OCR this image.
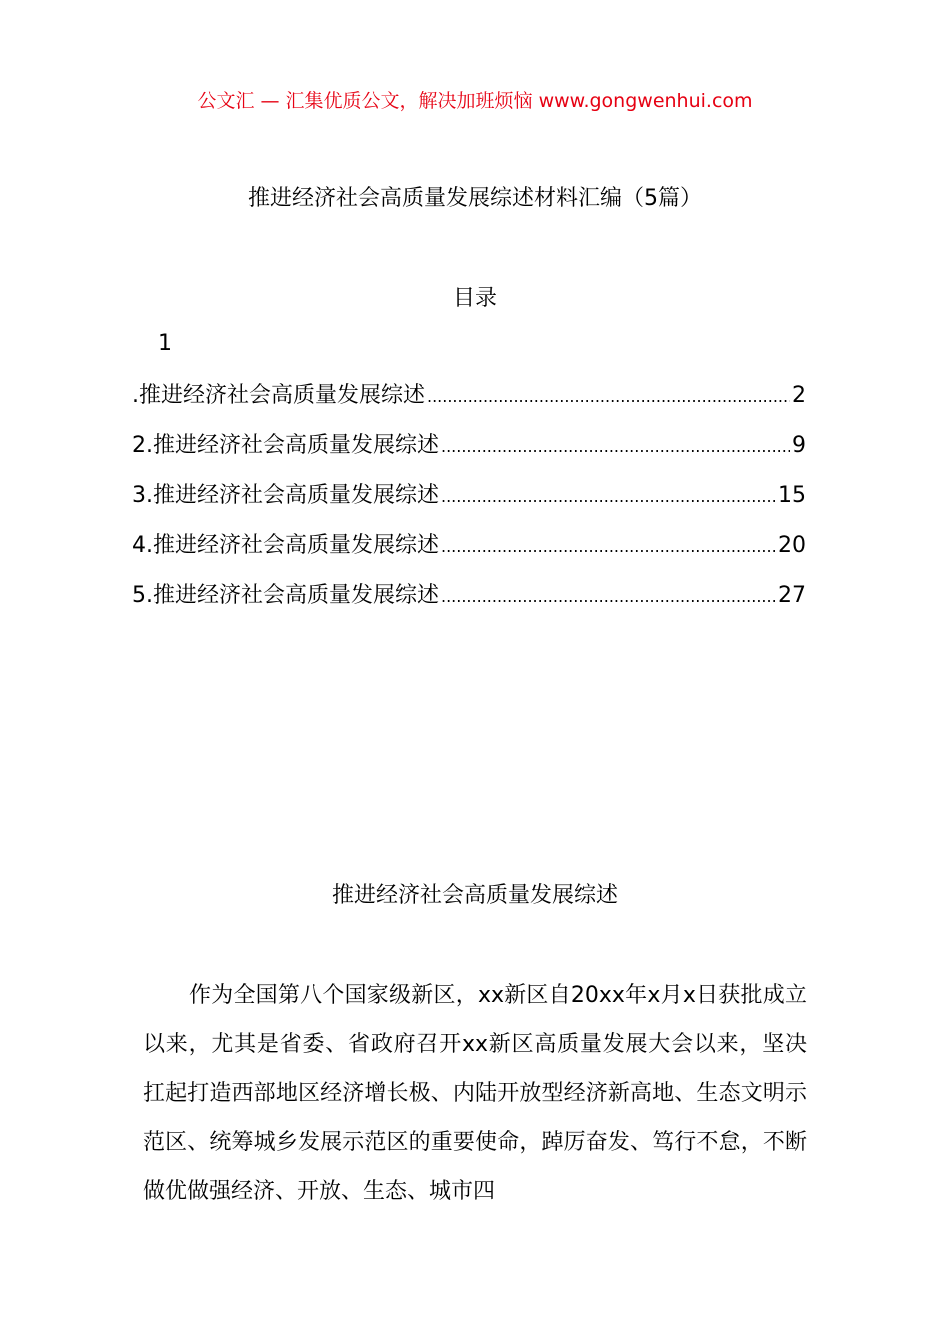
公文汇 — 汇集优质公文，解决加班烦恼 www.gongwenhui.com
推进经济社会高质量发展综述材料汇编（5篇）
目录
1
.推进经济社会高质量发展综述 .....	2
2.推进经济社会高质量发展综述 .....	9
3.推进经济社会高质量发展综述 .....	15
4.推进经济社会高质量发展综述 .....	20
5.推进经济社会高质量发展综述 .....	27
推进经济社会高质量发展综述

作为全国第八个国家级新区，xx新区自20xx年x月x日获批成立以来，尤其是省委、省政府召开xx新区高质量发展大会以来，坚决扛起打造西部地区经济增长极、内陆开放型经济新高地、生态文明示范区、统筹城乡发展示范区的重要使命，踔厉奋发、笃行不怠，不断做优做强经济、开放、生态、城市四
